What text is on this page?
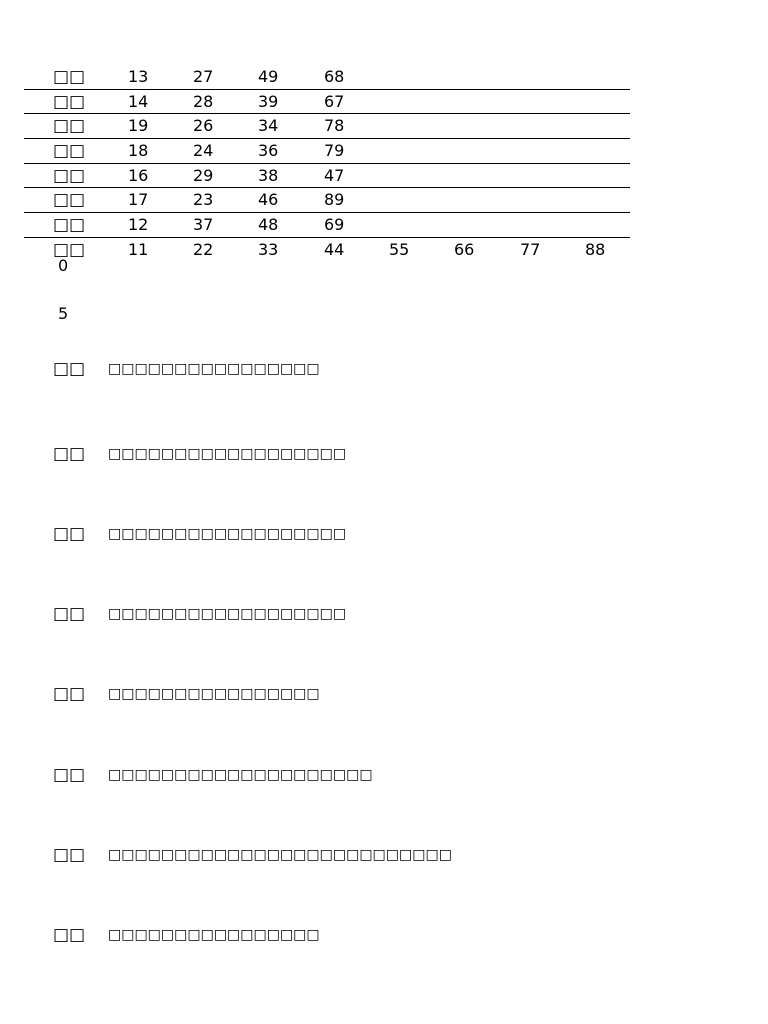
□□	13	27	49	68
□□	14	28	39	67
□□	19	26	34	78
□□	18	24	36	79
□□	16	29	38	47
□□	17	23	46	89
□□	12	37	48	69
□□	11	22	33	44	55	66	77	88
0
5
□□ □□□□□□□□□□□□□□□□
□□ □□□□□□□□□□□□□□□□□□
□□ □□□□□□□□□□□□□□□□□□
□□ □□□□□□□□□□□□□□□□□□
□□ □□□□□□□□□□□□□□□□
□□ □□□□□□□□□□□□□□□□□□□□
□□ □□□□□□□□□□□□□□□□□□□□□□□□□□
□□ □□□□□□□□□□□□□□□□
